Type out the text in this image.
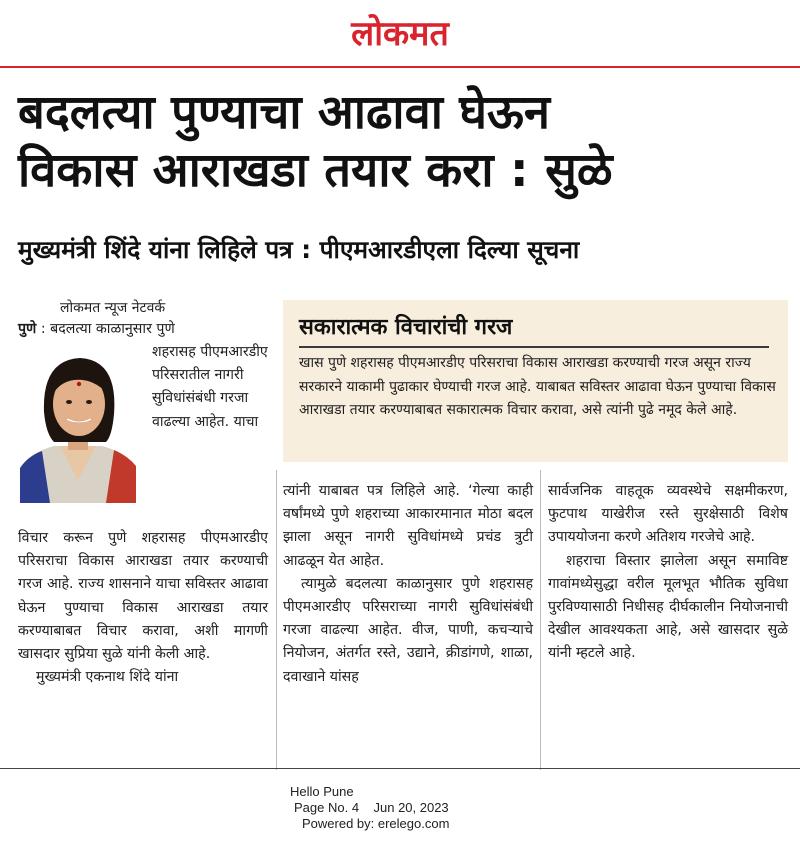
लोकमत
बदलत्या पुण्याचा आढावा घेऊन
विकास आराखडा तयार करा : सुळे
मुख्यमंत्री शिंदे यांना लिहिले पत्र : पीएमआरडीएला दिल्या सूचना
लोकमत न्यूज नेटवर्क
पुणे : बदलत्या काळानुसार पुणे
शहरासह पीएमआरडीए परिसरातील नागरी सुविधांसंबंधी गरजा वाढल्या आहेत. याचा

विचार करून पुणे शहरासह पीएमआरडीए परिसराचा विकास आराखडा तयार करण्याची गरज आहे. राज्य शासनाने याचा सविस्तर आढावा घेऊन पुण्याचा विकास आराखडा तयार करण्याबाबत विचार करावा, अशी मागणी खासदार सुप्रिया सुळे यांनी केली आहे.

मुख्यमंत्री एकनाथ शिंदे यांना

सकारात्मक विचारांची गरज

खास पुणे शहरासह पीएमआरडीए परिसराचा विकास आराखडा करण्याची गरज असून राज्य सरकारने याकामी पुढाकार घेण्याची गरज आहे. याबाबत सविस्तर आढावा घेऊन पुण्याचा विकास आराखडा तयार करण्याबाबत सकारात्मक विचार करावा, असे त्यांनी पुढे नमूद केले आहे.

त्यांनी याबाबत पत्र लिहिले आहे. ‘गेल्या काही वर्षांमध्ये पुणे शहराच्या आकारमानात मोठा बदल झाला असून नागरी सुविधांमध्ये प्रचंड त्रुटी आढळून येत आहेत.

त्यामुळे बदलत्या काळानुसार पुणे शहरासह पीएमआरडीए परिसराच्या नागरी सुविधांसंबंधी गरजा वाढल्या आहेत. वीज, पाणी, कचऱ्याचे नियोजन, अंतर्गत रस्ते, उद्याने, क्रीडांगणे, शाळा, दवाखाने यांसह

सार्वजनिक वाहतूक व्यवस्थेचे सक्षमीकरण, फुटपाथ याखेरीज रस्ते सुरक्षेसाठी विशेष उपाययोजना करणे अतिशय गरजेचे आहे.

शहराचा विस्तार झालेला असून समाविष्ट गावांमध्येसुद्धा वरील मूलभूत भौतिक सुविधा पुरविण्यासाठी निधीसह दीर्घकालीन नियोजनाची देखील आवश्यकता आहे, असे खासदार सुळे यांनी म्हटले आहे.

Hello Pune
Page No. 4    Jun 20, 2023
Powered by: erelego.com
